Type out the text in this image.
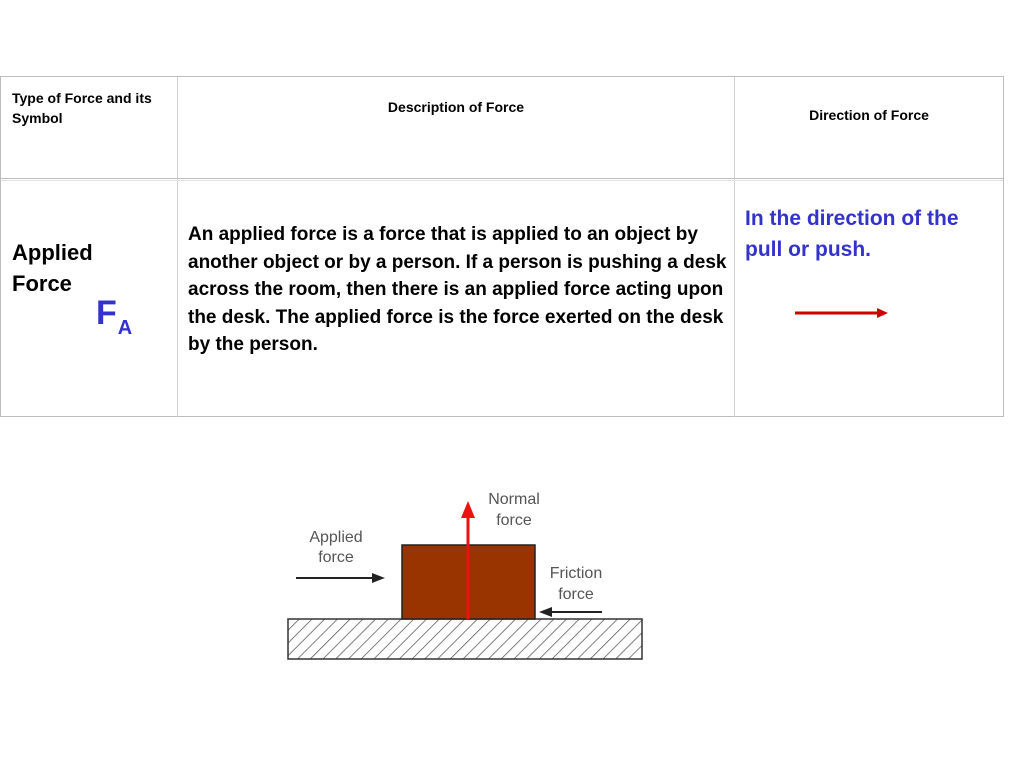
Type of Force and its Symbol
Description of Force	Direction of Force
Applied
Force
$F_A$
An applied force is a force that is applied to an object by another object or by a person. If a person is pushing a desk across the room, then there is an applied force acting upon the desk. The applied force is the force exerted on the desk by the person.
In the direction of the pull or push.
Applied
force
Normal
force
Friction
force
